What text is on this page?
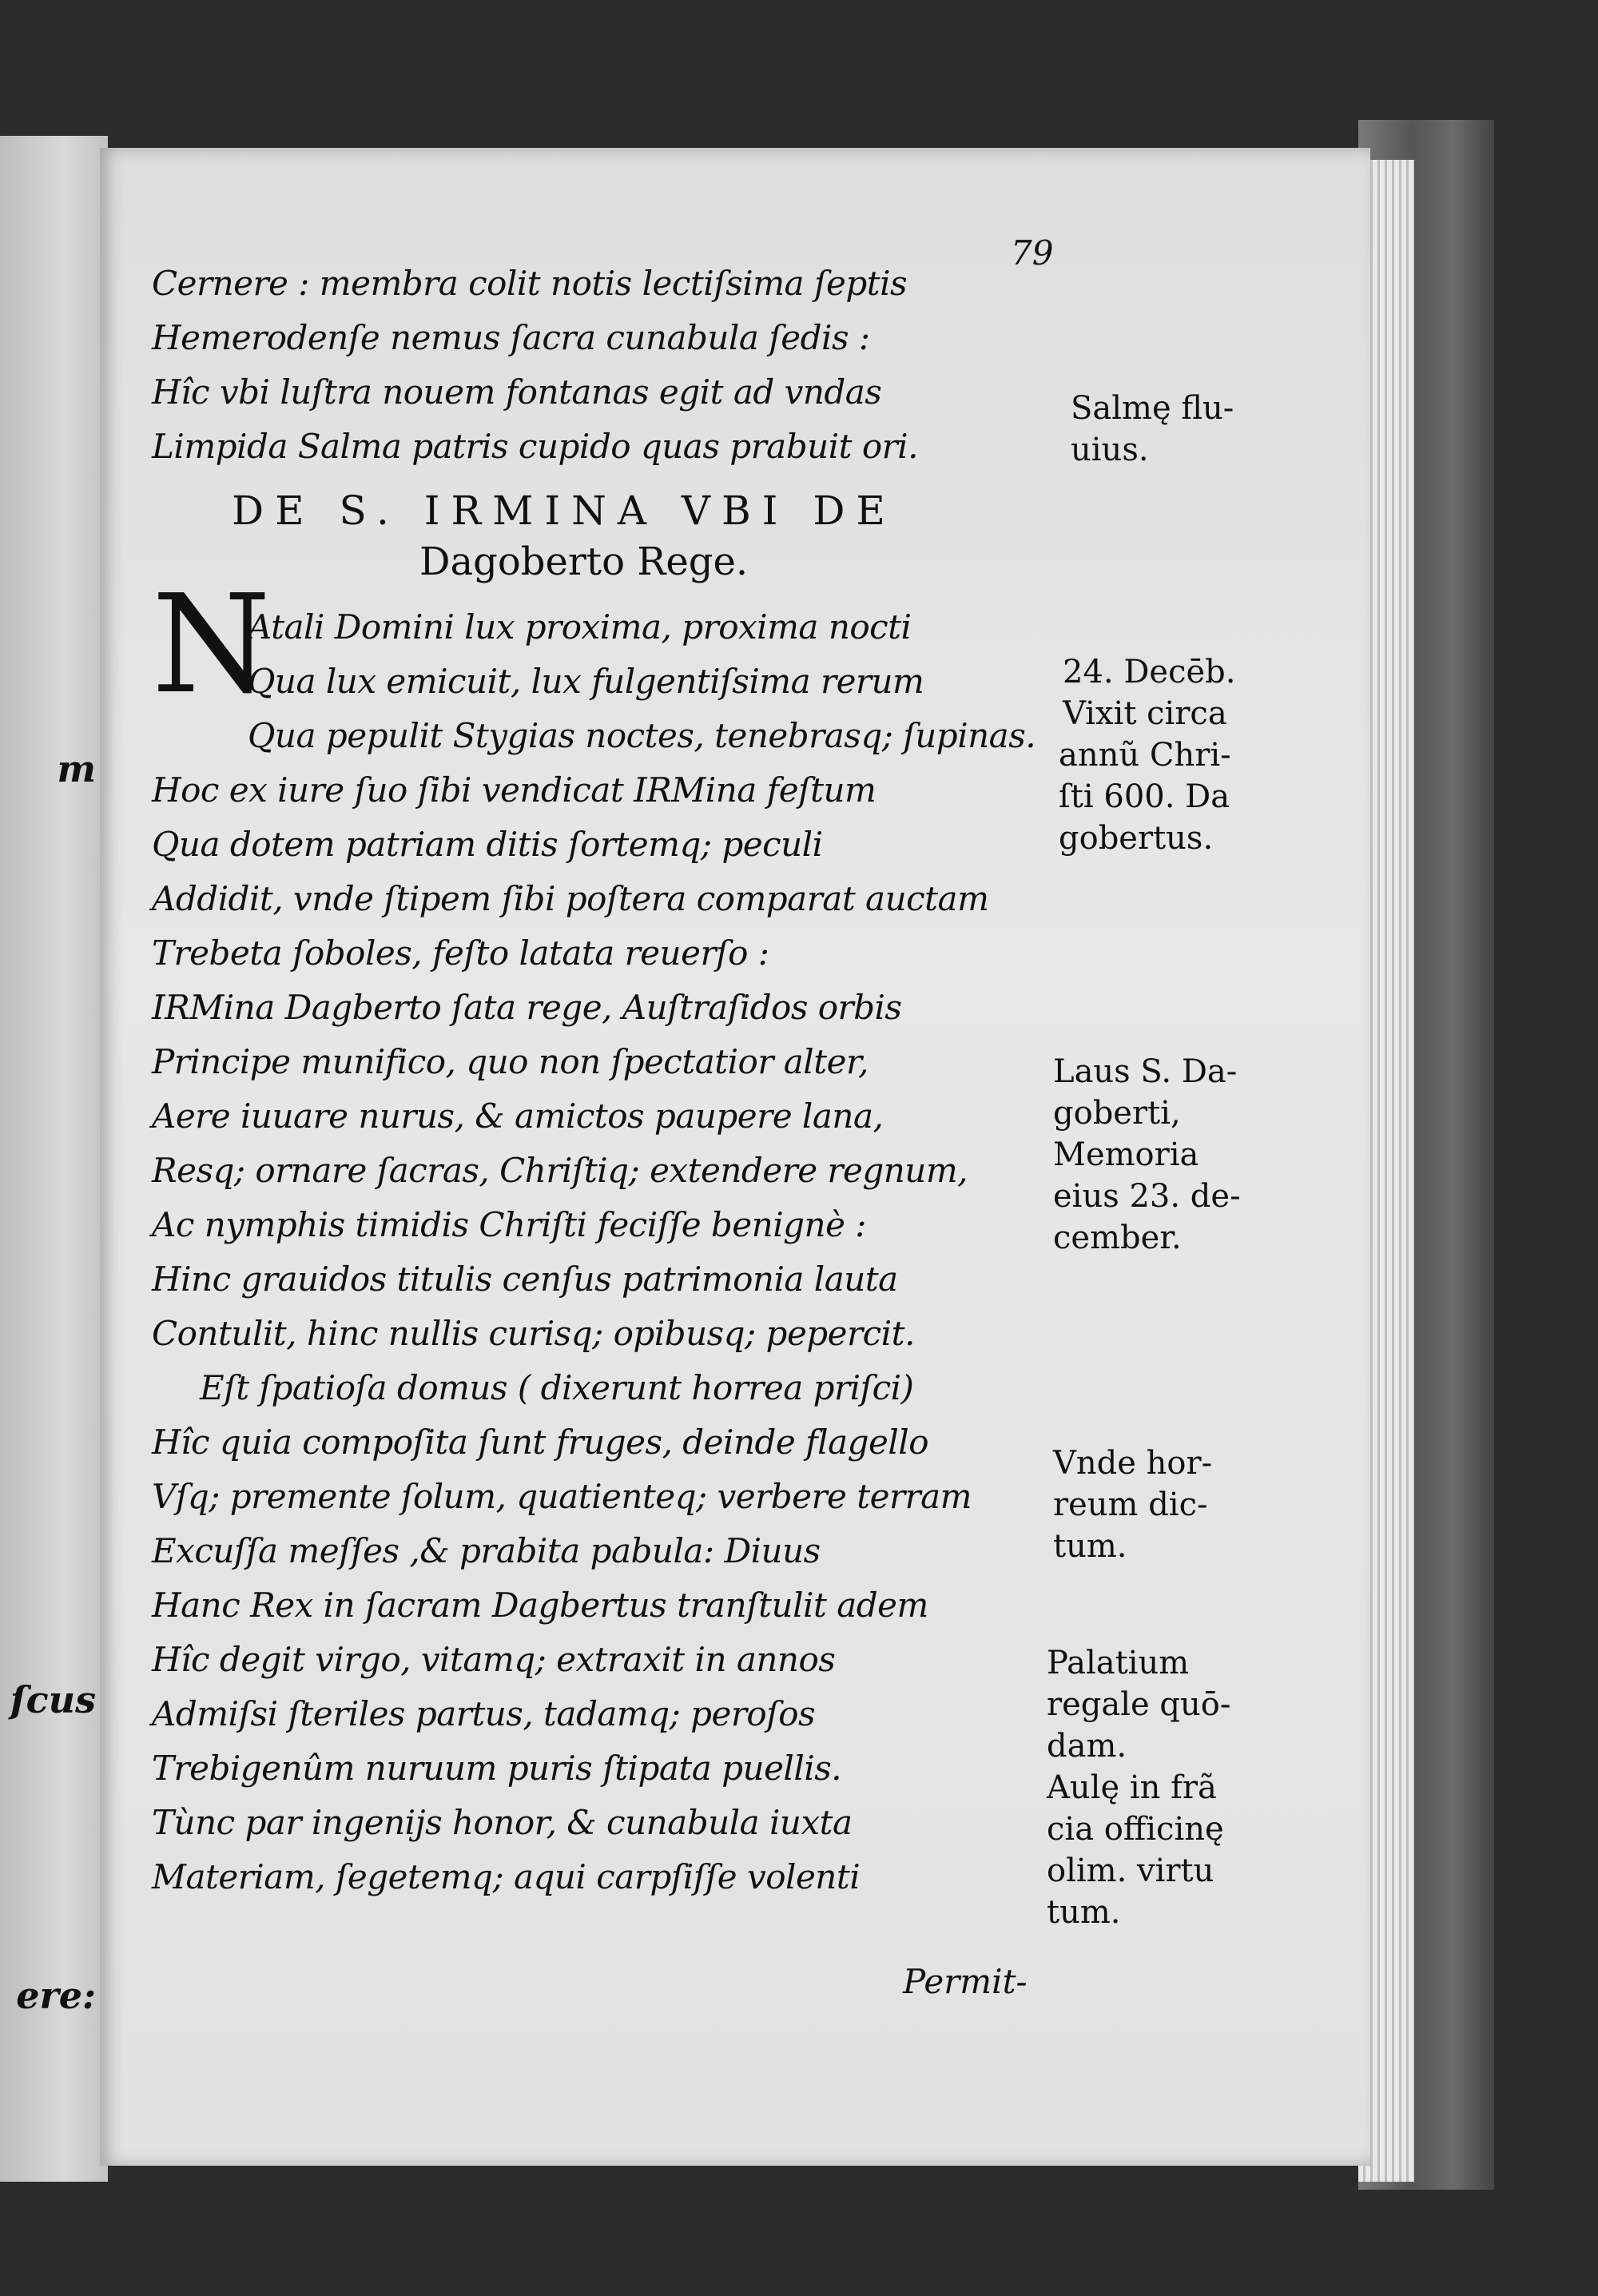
m
ſcus
ere:
79
Cernere : membra colit notis lectiſsima ſeptis
Hemerodenſe nemus ſacra cunabula ſedis :
Hîc vbi luſtra nouem fontanas egit ad vndas
Limpida Salma patris cupido quas prabuit ori.
DE S. IRMINA VBI DE
Dagoberto Rege.
N
Atali Domini lux proxima, proxima nocti
Qua lux emicuit, lux fulgentiſsima rerum
Qua pepulit Stygias noctes, tenebrasq; ſupinas.
Hoc ex iure ſuo ſibi vendicat IRMina feſtum
Qua dotem patriam ditis ſortemq; peculi
Addidit, vnde ſtipem ſibi poſtera comparat auctam
Trebeta ſoboles, feſto latata reuerſo :
IRMina Dagberto ſata rege, Auſtraſidos orbis
Principe munifico, quo non ſpectatior alter,
Aere iuuare nurus, & amictos paupere lana,
Resq; ornare ſacras, Chriſtiq; extendere regnum,
Ac nymphis timidis Chriſti feciſſe benignè :
Hinc grauidos titulis cenſus patrimonia lauta
Contulit, hinc nullis curisq; opibusq; pepercit.
Eſt ſpatioſa domus ( dixerunt horrea priſci)
Hîc quia compoſita ſunt fruges, deinde flagello
Vſq; premente ſolum, quatienteq; verbere terram
Excuſſa meſſes ,& prabita pabula: Diuus
Hanc Rex in ſacram Dagbertus tranſtulit adem
Hîc degit virgo, vitamq; extraxit in annos
Admiſsi ſteriles partus, tadamq; peroſos
Trebigenûm nuruum puris ſtipata puellis.
Tùnc par ingenijs honor, & cunabula iuxta
Materiam, ſegetemq; aqui carpſiſſe volenti
Permit-
Salmę flu-
uius.
24. Decēb.
Vixit circa
annũ Chri-
ſti 600. Da
gobertus.
Laus S. Da-
goberti,
Memoria
eius 23. de-
cember.
Vnde hor-
reum dic-
tum.
Palatium
regale quō-
dam.
Aulę in frã
cia officinę
olim. virtu
tum.
